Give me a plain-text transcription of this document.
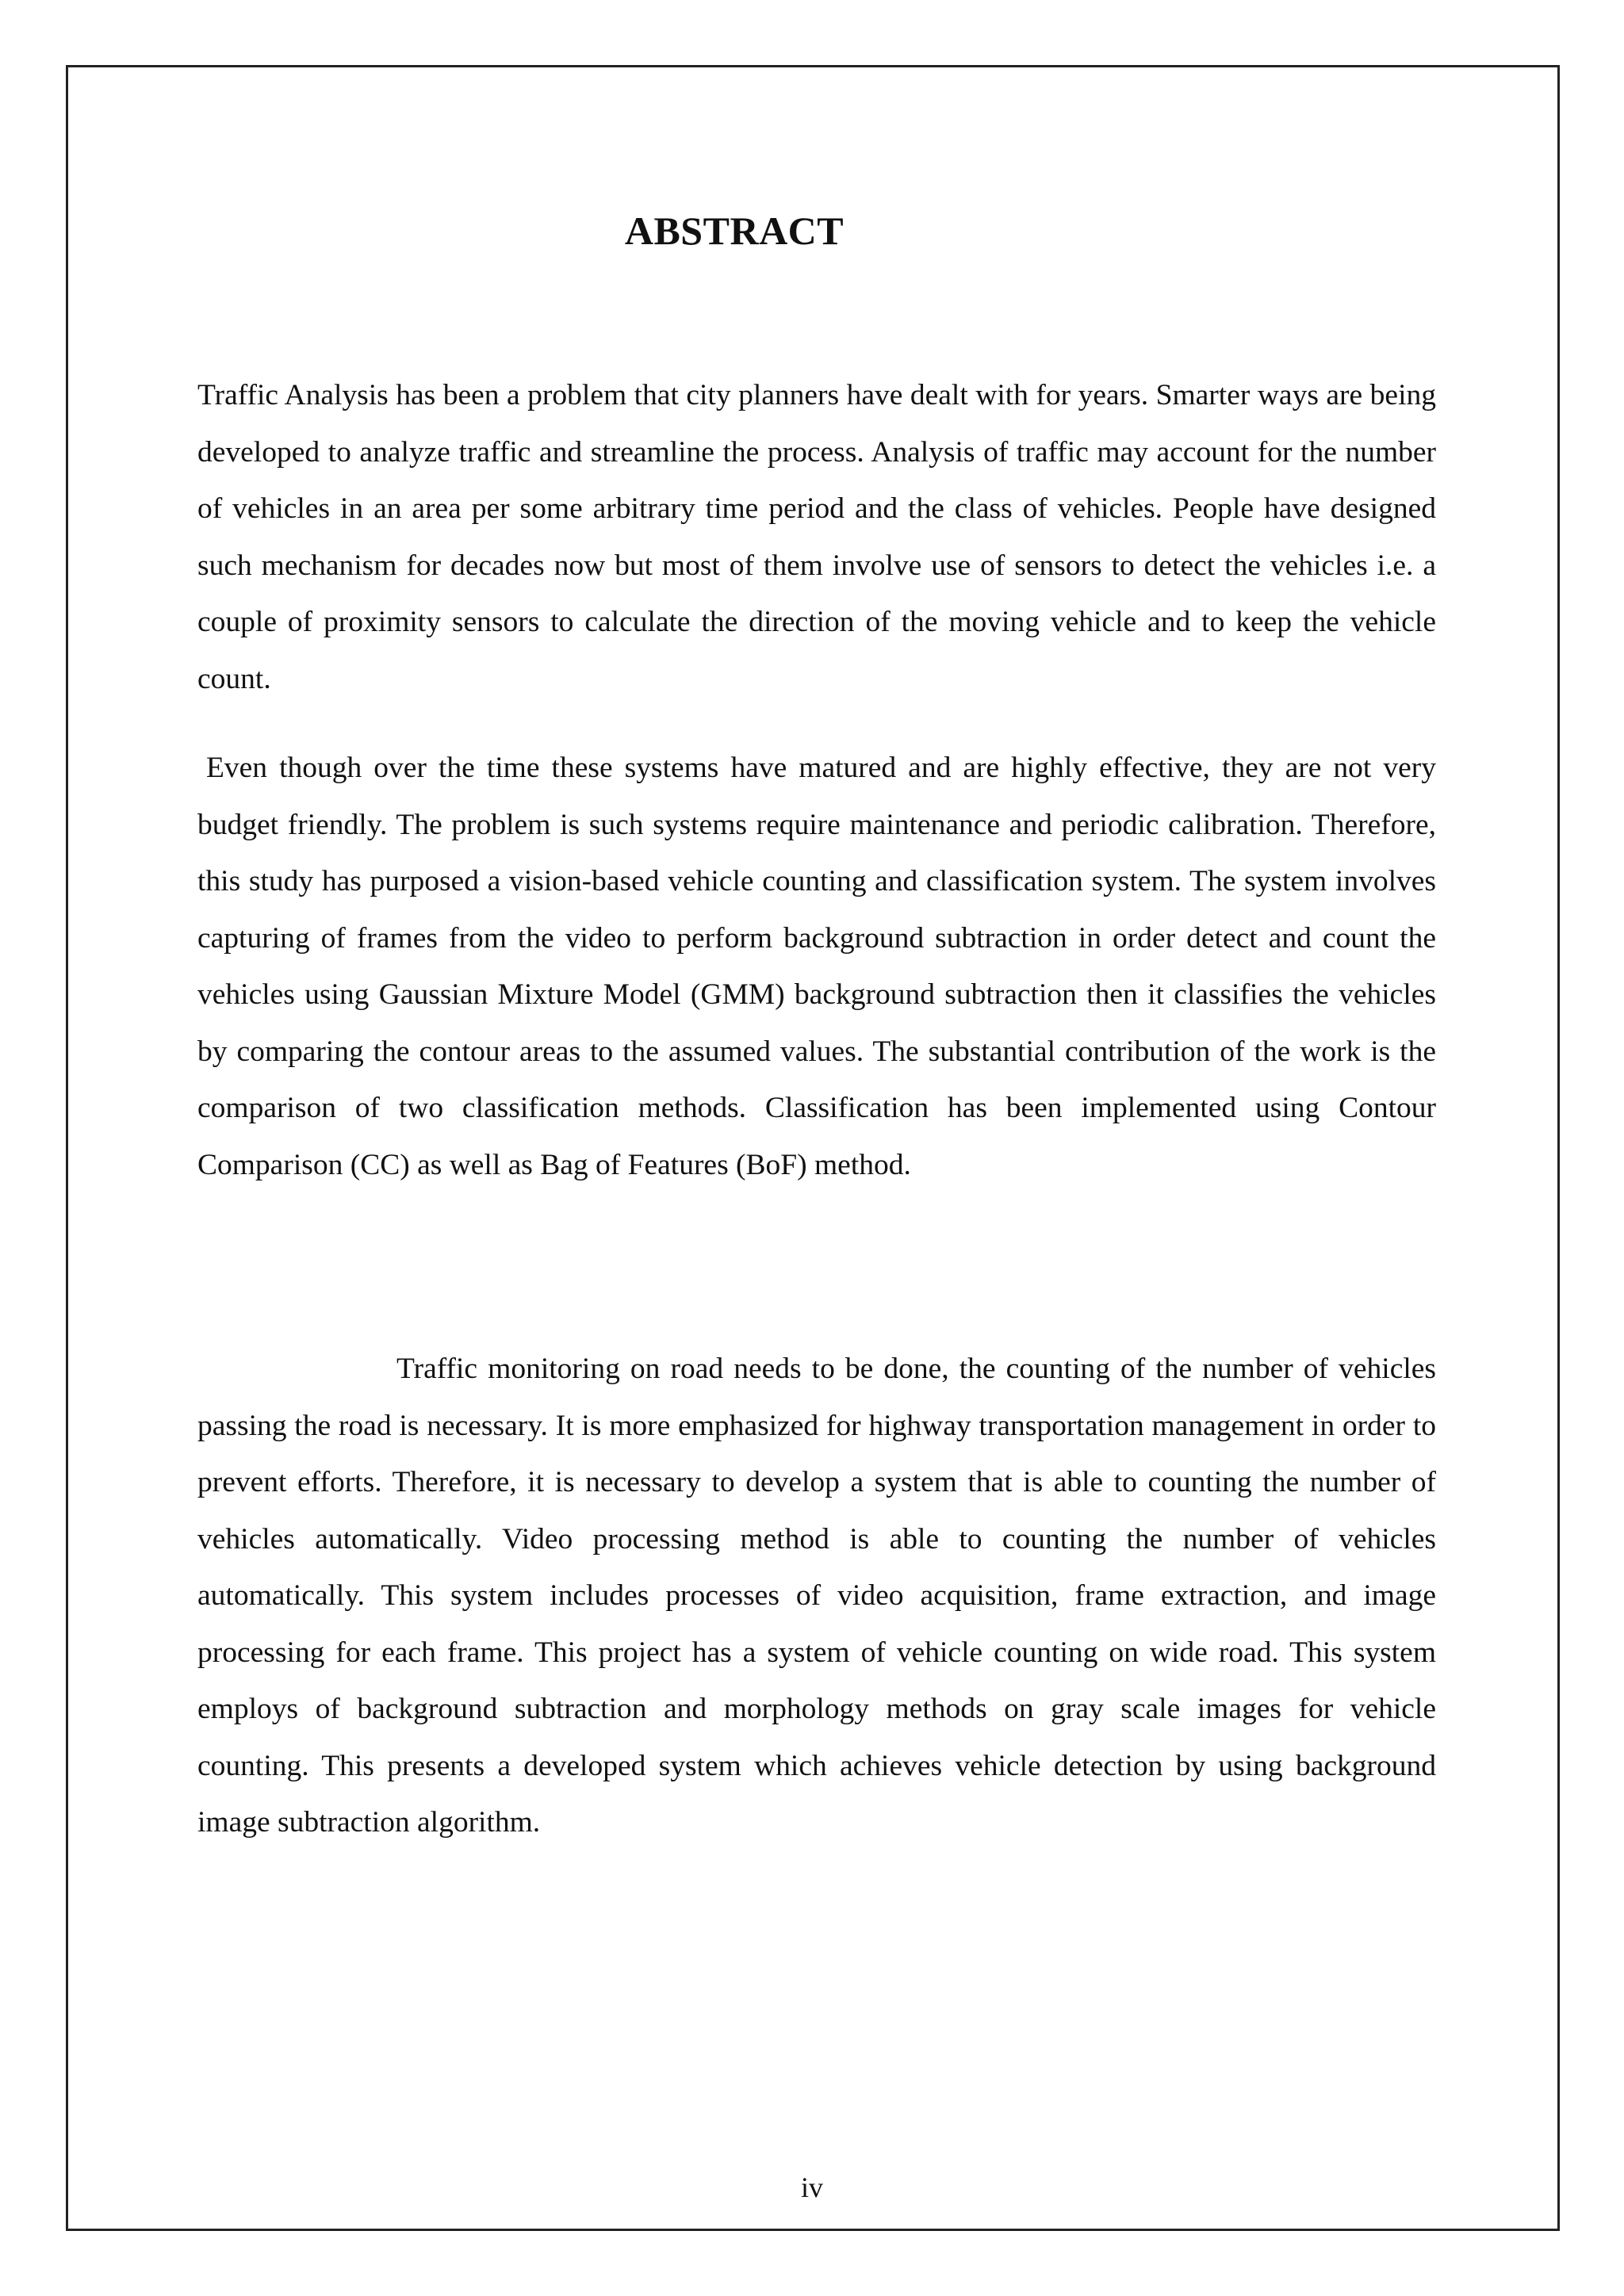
ABSTRACT

Traffic Analysis has been a problem that city planners have dealt with for years. Smarter ways are being developed to analyze traffic and streamline the process. Analysis of traffic may account for the number of vehicles in an area per some arbitrary time period and the class of vehicles. People have designed such mechanism for decades now but most of them involve use of sensors to detect the vehicles i.e. a couple of proximity sensors to calculate the direction of the moving vehicle and to keep the vehicle count.

Even though over the time these systems have matured and are highly effective, they are not very budget friendly. The problem is such systems require maintenance and periodic calibration. Therefore, this study has purposed a vision-based vehicle counting and classification system. The system involves capturing of frames from the video to perform background subtraction in order detect and count the vehicles using Gaussian Mixture Model (GMM) background subtraction then it classifies the vehicles by comparing the contour areas to the assumed values. The substantial contribution of the work is the comparison of two classification methods. Classification has been implemented using Contour Comparison (CC) as well as Bag of Features (BoF) method.

Traffic monitoring on road needs to be done, the counting of the number of vehicles passing the road is necessary. It is more emphasized for highway transportation management in order to prevent efforts. Therefore, it is necessary to develop a system that is able to counting the number of vehicles automatically. Video processing method is able to counting the number of vehicles automatically. This system includes processes of video acquisition, frame extraction, and image processing for each frame. This project has a system of vehicle counting on wide road. This system employs of background subtraction and morphology methods on gray scale images for vehicle counting. This presents a developed system which achieves vehicle detection by using background image subtraction algorithm.

iv
